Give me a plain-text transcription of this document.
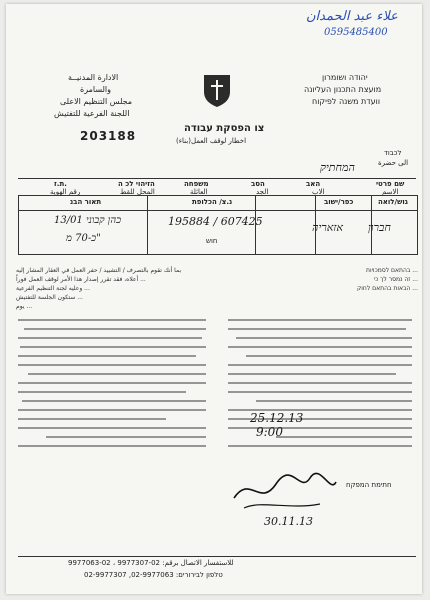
علاء عبد الحمدان
0595485400
الادارة المدنيــة
والسامرة
مجلس التنظيم الاعلى
اللجنة الفرعية للتفتيش
יהודה ושומרון
מועצת התכנון העליונה
וועדת משנה לפיקוח
צו הפסקת עבודה
اخطار لوقف العمل(بناء)
203188
לכבוד
الى حضرة
המחתיק
שם פרטי
האב
הסב
משפחה
הזיהוי לכ ה
ת.ז.
الاسم
الاب
الجد
العائلة
المحل للقط
رقم الهوية
גוש/לואה
כפר/ישוב
נ.צ/ הכלופת
תאור הבנ
חברון
אזאריה
195884 / 607425
חוש
13/01 כהן קבוני
כ-70 מ"
بما أنك تقوم بالتصرف / التشييد / حفر العمل في العقار المشار إليه
أعلاه، فقد تقرر إصدار هذا الأمر لوقف العمل فوراً ...
وعليه لجنة التنظيم الفرعية ...
ستكون الجلسة للتفتيش ...
يوم ...
בהתאם לסמכויות ...
זה נמסר לך כי ...
הבאות בהתאם לחוק ...
25.12.13
9:00
חתימת המפקח
30.11.13
للاستفسار الاتصال برقم: 02-9977307 ، 02-9977063
טלפון לבירורים: 02-9977063, 02-9977307
